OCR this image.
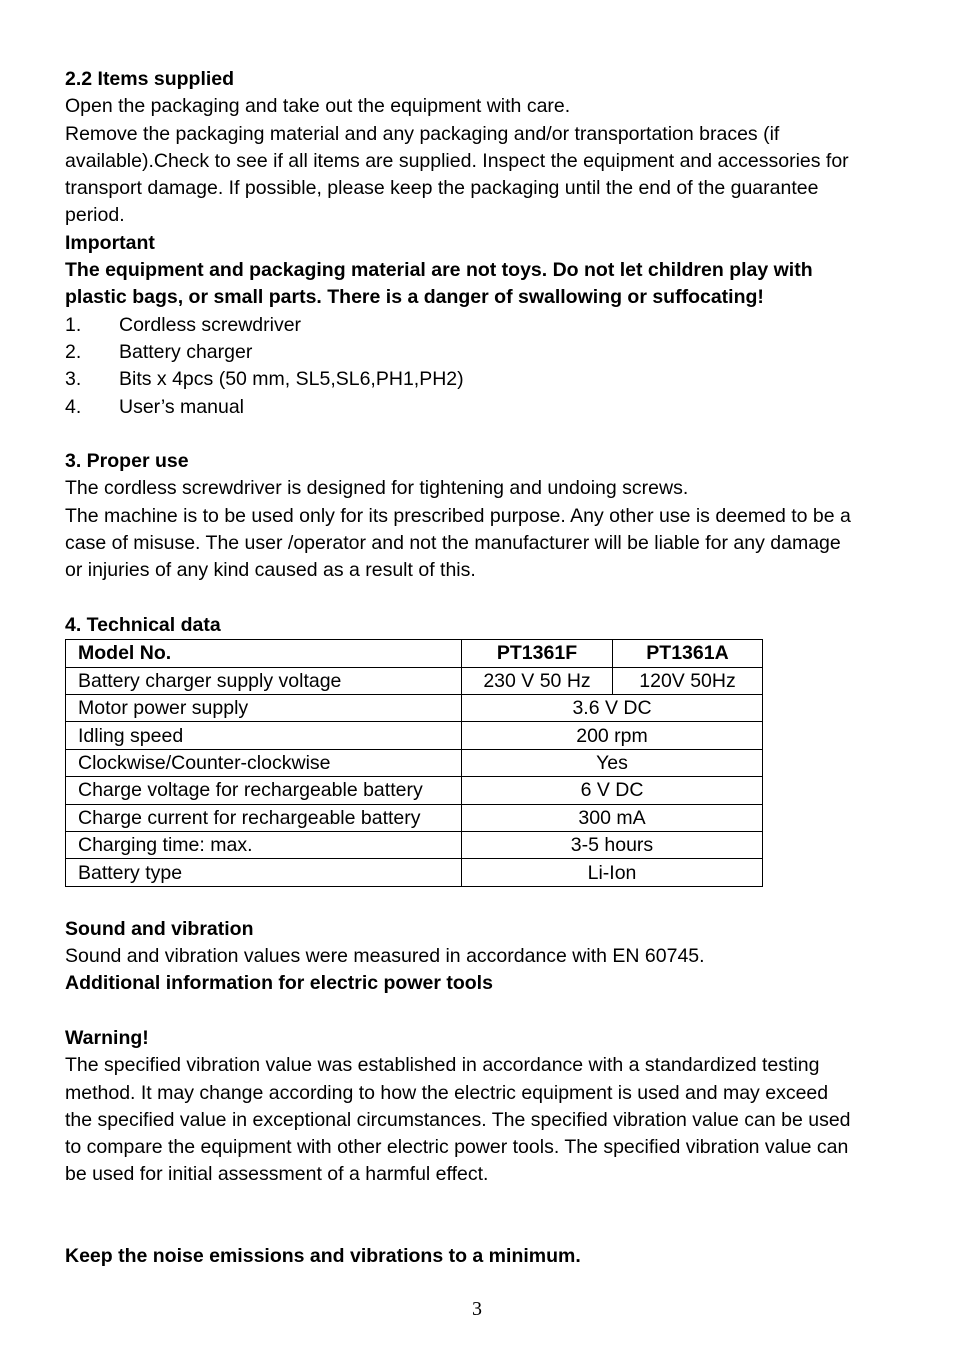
2.2 Items supplied

Open the packaging and take out the equipment with care.

Remove the packaging material and any packaging and/or transportation braces (if

available).Check to see if all items are supplied. Inspect the equipment and accessories for

transport damage. If possible, please keep the packaging until the end of the guarantee

period.

Important

The equipment and packaging material are not toys. Do not let children play with

plastic bags, or small parts. There is a danger of swallowing or suffocating!

1.	Cordless screwdriver
2.	Battery charger
3.	Bits x 4pcs (50 mm, SL5,SL6,PH1,PH2)
4.	User’s manual

3. Proper use

The cordless screwdriver is designed for tightening and undoing screws.

The machine is to be used only for its prescribed purpose. Any other use is deemed to be a

case of misuse. The user /operator and not the manufacturer will be liable for any damage

or injuries of any kind caused as a result of this.

4. Technical data

Model No.	PT1361F	PT1361A
Battery charger supply voltage	230 V 50 Hz	120V 50Hz
Motor power supply	3.6 V DC	
Idling speed	200 rpm	
Clockwise/Counter-clockwise	Yes	
Charge voltage for rechargeable battery	6 V DC	
Charge current for rechargeable battery	300 mA	
Charging time: max.	3-5 hours	
Battery type	Li-Ion	

Sound and vibration

Sound and vibration values were measured in accordance with EN 60745.

Additional information for electric power tools

Warning!

The specified vibration value was established in accordance with a standardized testing

method. It may change according to how the electric equipment is used and may exceed

the specified value in exceptional circumstances. The specified vibration value can be used

to compare the equipment with other electric power tools. The specified vibration value can

be used for initial assessment of a harmful effect.

Keep the noise emissions and vibrations to a minimum.

3
